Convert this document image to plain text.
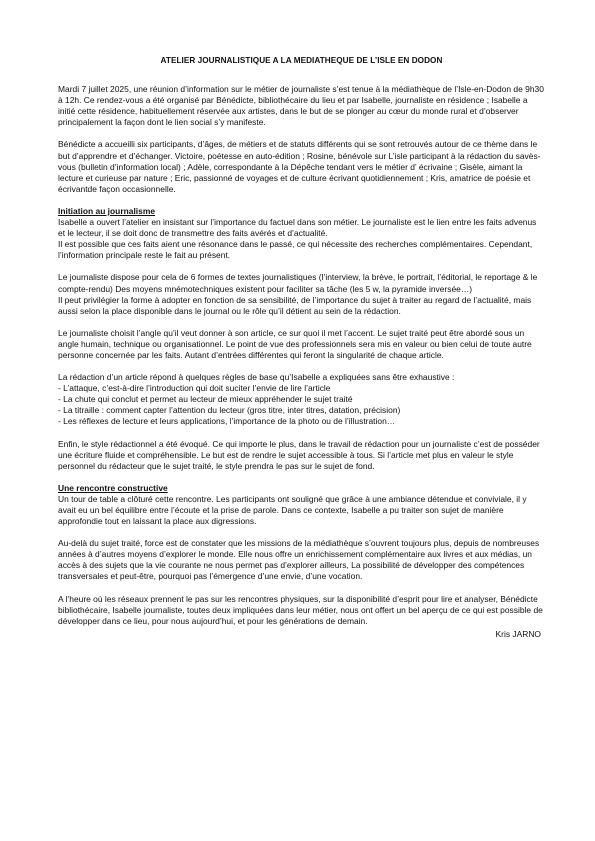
ATELIER JOURNALISTIQUE A LA MEDIATHEQUE DE L’ISLE EN DODON

Mardi 7 juillet 2025, une réunion d’information sur le métier de journaliste s’est tenue à la médiathèque de l’Isle-en-Dodon de 9h30 à 12h. Ce rendez-vous a été organisé par Bénédicte, bibliothécaire du lieu et par Isabelle, journaliste en résidence ; Isabelle a initié cette résidence, habituellement réservée aux artistes, dans le but de se plonger au cœur du monde rural et d’observer principalement la façon dont le lien social s’y manifeste.

Bénédicte a accueilli six participants, d’âges, de métiers et de statuts différents qui se sont retrouvés autour de ce thème dans le but d’apprendre et d’échanger. Victoire, poétesse en auto-édition ; Rosine, bénévole sur L’isle participant à la rédaction du savès-vous (bulletin d’information local) ; Adèle, correspondante à la Dépêche tendant vers le métier d’ écrivaine ; Gisèle, aimant la lecture et curieuse par nature ; Eric, passionné de voyages et de culture écrivant quotidiennement ; Kris, amatrice de poésie et écrivantde façon occasionnelle.

Initiation au journalisme
Isabelle a ouvert l’atelier en insistant sur l’importance du factuel dans son métier. Le journaliste est le lien entre les faits advenus et le lecteur, il se doit donc de transmettre des faits avérés et d’actualité.
Il est possible que ces faits aient une résonance dans le passé, ce qui nécessite des recherches complémentaires. Cependant, l’information principale reste le fait au présent.

Le journaliste dispose pour cela de 6 formes de textes journalistiques (l’interview, la brève, le portrait, l’éditorial, le reportage & le compte-rendu) Des moyens mnémotechniques existent pour faciliter sa tâche (les 5 w, la pyramide inversée…)
Il peut privilégier la forme à adopter en fonction de sa sensibilité, de l’importance du sujet à traiter au regard de l’actualité, mais aussi selon la place disponible dans le journal ou le rôle qu’il détient au sein de la rédaction.

Le journaliste choisit l’angle qu’il veut donner à son article, ce sur quoi il met l’accent. Le sujet traité peut être abordé sous un angle humain, technique ou organisationnel. Le point de vue des professionnels sera mis en valeur ou bien celui de toute autre personne concernée par les faits. Autant d’entrées différentes qui feront la singularité de chaque article.

La rédaction d’un article répond à quelques règles de base qu’Isabelle a expliquées sans être exhaustive :
- L’attaque, c’est-à-dire l’introduction qui doit suciter l’envie de lire l’article
- La chute qui conclut et permet au lecteur de mieux appréhender le sujet traité
- La titraille : comment capter l’attention du lecteur (gros titre, inter titres, datation, précision)
- Les réflexes de lecture et leurs applications, l’importance de la photo ou de l’illustration…

Enfin, le style rédactionnel a été évoqué. Ce qui importe le plus, dans le travail de rédaction pour un journaliste c’est de posséder une écriture fluide et compréhensible. Le but est de rendre le sujet accessible à tous. Si l’article met plus en valeur le style personnel du rédacteur que le sujet traité, le style prendra le pas sur le sujet de fond.

Une rencontre constructive
Un tour de table a clôturé cette rencontre. Les participants ont souligné que grâce à une ambiance détendue et conviviale, il y avait eu un bel équilibre entre l’écoute et la prise de parole. Dans ce contexte, Isabelle a pu traiter son sujet de manière approfondie tout en laissant la place aux digressions.

Au-delà du sujet traité, force est de constater que les missions de la médiathèque s’ouvrent toujours plus, depuis de nombreuses années à d’autres moyens d’explorer le monde. Elle nous offre un enrichissement complémentaire aux livres et aux médias, un accès à des sujets que la vie courante ne nous permet pas d’explorer ailleurs, La possibilité de développer des compétences transversales et peut-être, pourquoi pas l’émergence d’une envie, d’une vocation.

A l’heure où les réseaux prennent le pas sur les rencontres physiques, sur la disponibilité d’esprit pour lire et analyser, Bénédicte bibliothécaire, Isabelle journaliste, toutes deux impliquées dans leur métier, nous ont offert un bel aperçu de ce qui est possible de développer dans ce lieu, pour nous aujourd’hui, et pour les générations de demain.

Kris JARNO
